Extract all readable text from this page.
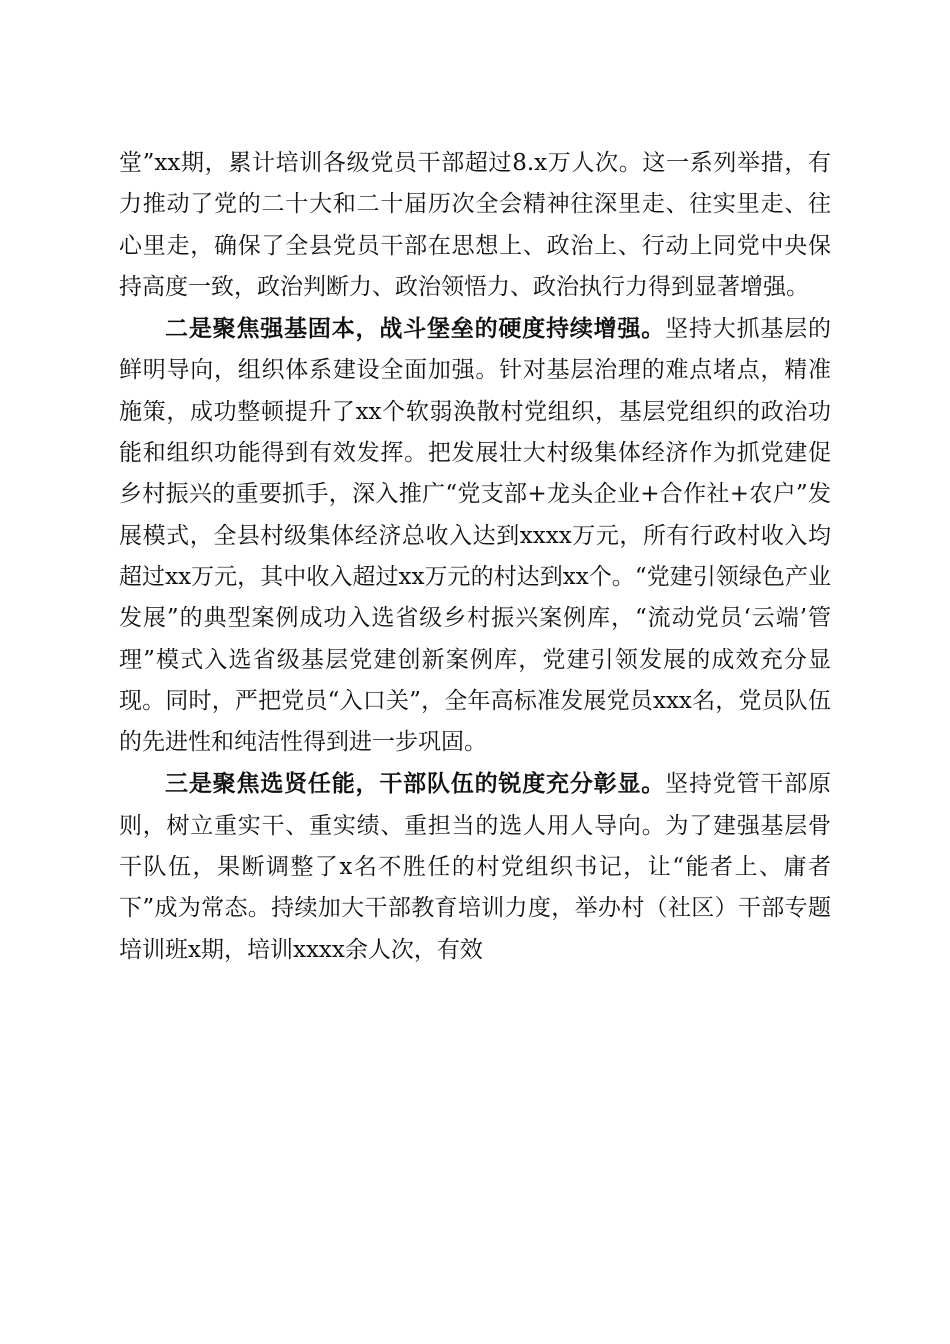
堂”xx期，累计培训各级党员干部超过8.x万人次。这一系列举措，有力推动了党的二十大和二十届历次全会精神往深里走、往实里走、往心里走，确保了全县党员干部在思想上、政治上、行动上同党中央保持高度一致，政治判断力、政治领悟力、政治执行力得到显著增强。

二是聚焦强基固本，战斗堡垒的硬度持续增强。坚持大抓基层的鲜明导向，组织体系建设全面加强。针对基层治理的难点堵点，精准施策，成功整顿提升了xx个软弱涣散村党组织，基层党组织的政治功能和组织功能得到有效发挥。把发展壮大村级集体经济作为抓党建促乡村振兴的重要抓手，深入推广“党支部+龙头企业+合作社+农户”发展模式，全县村级集体经济总收入达到xxxx万元，所有行政村收入均超过xx万元，其中收入超过xx万元的村达到xx个。“党建引领绿色产业发展”的典型案例成功入选省级乡村振兴案例库，“流动党员‘云端’管理”模式入选省级基层党建创新案例库，党建引领发展的成效充分显现。同时，严把党员“入口关”，全年高标准发展党员xxx名，党员队伍的先进性和纯洁性得到进一步巩固。

三是聚焦选贤任能，干部队伍的锐度充分彰显。坚持党管干部原则，树立重实干、重实绩、重担当的选人用人导向。为了建强基层骨干队伍，果断调整了x名不胜任的村党组织书记，让“能者上、庸者下”成为常态。持续加大干部教育培训力度，举办村（社区）干部专题培训班x期，培训xxxx余人次，有效
